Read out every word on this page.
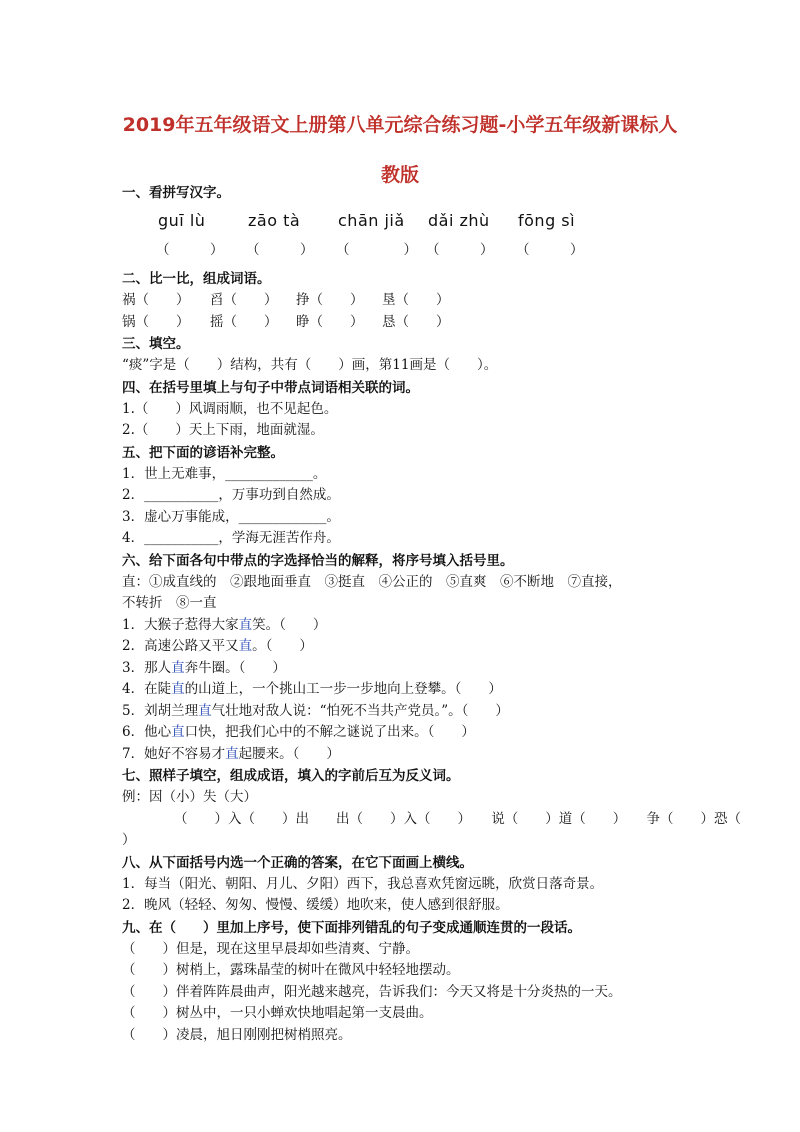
2019年五年级语文上册第八单元综合练习题-小学五年级新课标人
教版
一、看拼写汉字。
guī lù	zāo tà	chān jiǎ	dǎi zhù	fōng sì
（　　　）	（　　　）	（　　　　） （　　　）	（　　　）
二、比一比，组成词语。
祸（　　）	舀（　　）	挣（　　）	垦（　　）
锅（　　）	摇（　　）	睁（　　）	恳（　　）
三、填空。
“痰”字是（　　）结构，共有（　　）画，第11画是（　　）。
四、在括号里填上与句子中带点词语相关联的词。
1.（　　）风调雨顺，也不见起色。
2.（　　）天上下雨，地面就湿。
五、把下面的谚语补完整。
1．世上无难事，_____________。
2．___________，万事功到自然成。
3．虚心万事能成，_____________。
4．___________，学海无涯苦作舟。
六、给下面各句中带点的字选择恰当的解释，将序号填入括号里。
直：①成直线的　②跟地面垂直　③挺直　④公正的　⑤直爽　⑥不断地　⑦直接，
不转折　⑧一直
1．大猴子惹得大家直笑。（　　）
2．高速公路又平又直。（　　）
3．那人直奔牛圈。（　　）
4．在陡直的山道上，一个挑山工一步一步地向上登攀。（　　）
5．刘胡兰理直气壮地对敌人说：“怕死不当共产党员。”。（　　）
6．他心直口快，把我们心中的不解之谜说了出来。（　　）
7．她好不容易才直起腰来。（　　）
七、照样子填空，组成成语，填入的字前后互为反义词。
例：因（小）失（大）
（　　）入（　　）出　　出（　　）入（　　）　　说（　　）道（　　）　　争（　　）恐（
）
八、从下面括号内选一个正确的答案，在它下面画上横线。
1．每当（阳光、朝阳、月儿、夕阳）西下，我总喜欢凭窗远眺，欣赏日落奇景。
2．晚风（轻轻、匆匆、慢慢、缓缓）地吹来，使人感到很舒服。
九、在（　　）里加上序号，使下面排列错乱的句子变成通顺连贯的一段话。
（　　）但是，现在这里早晨却如些清爽、宁静。
（　　）树梢上，露珠晶莹的树叶在微风中轻轻地摆动。
（　　）伴着阵阵晨曲声，阳光越来越亮，告诉我们：今天又将是十分炎热的一天。
（　　）树丛中，一只小蝉欢快地唱起第一支晨曲。
（　　）凌晨，旭日刚刚把树梢照亮。
